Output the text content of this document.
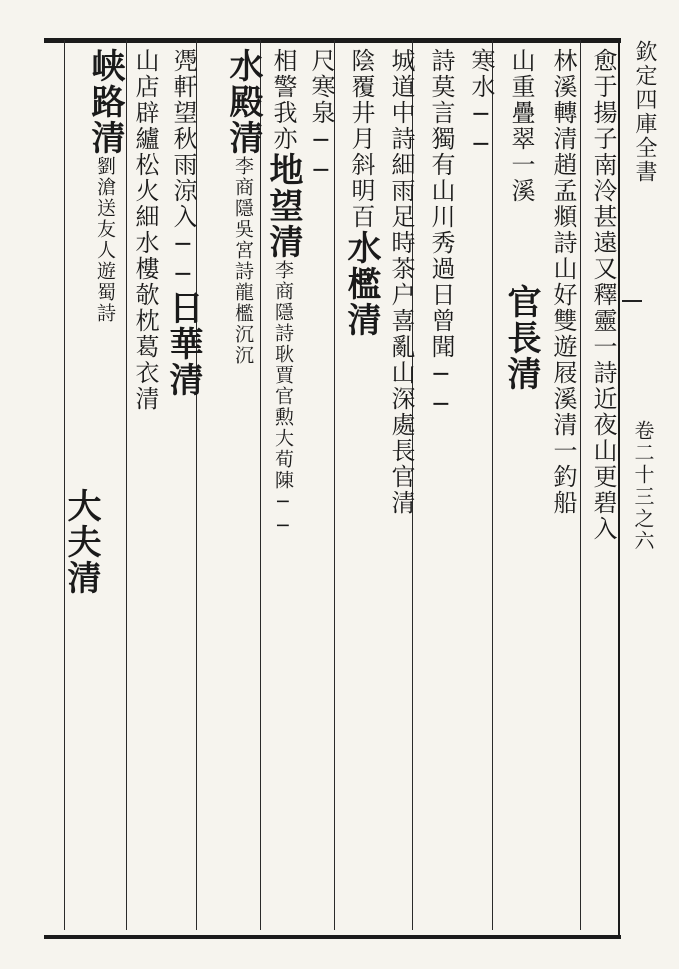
欽定四庫全書
卷二十三之六
愈于揚子南泠甚遠又釋靈一詩近夜山更碧入
林溪轉清趙孟頫詩山好雙遊屐溪清一釣船
山重疊翠一溪
官長清
寒水──
詩莫言獨有山川秀過日曾聞──
城道中詩細雨足時茶户喜亂山深處長官清
陰覆井月斜明百
水檻清
尺寒泉──
相警我亦
地望清
李商隱詩耿賈官勲大荀陳──
水殿清
李商隱吳宮詩龍檻沉沉
凴軒望秋雨涼入──
日華清
山店辟纑松火細水樓欹枕葛衣清
峡路清
劉滄送友人遊蜀詩
大夫清
